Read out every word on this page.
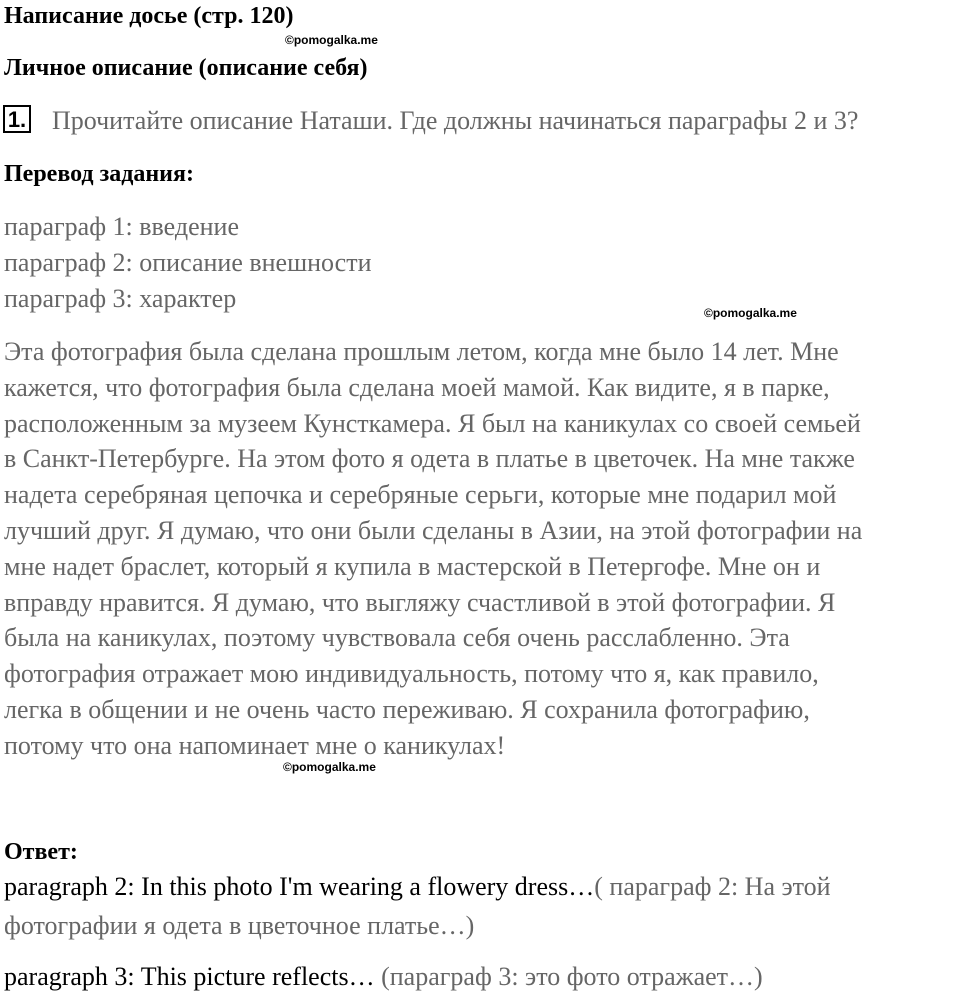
Написание досье (стр. 120)
©pomogalka.me
Личное описание (описание себя)
1. Прочитайте описание Наташи. Где должны начинаться параграфы 2 и 3?
Перевод задания:
параграф 1: введение
параграф 2: описание внешности
параграф 3: характер	©pomogalka.me
Эта фотография была сделана прошлым летом, когда мне было 14 лет. Мне
кажется, что фотография была сделана моей мамой. Как видите, я в парке,
расположенным за музеем Кунсткамера. Я был на каникулах со своей семьей
в Санкт-Петербурге. На этом фото я одета в платье в цветочек. На мне также
надета серебряная цепочка и серебряные серьги, которые мне подарил мой
лучший друг. Я думаю, что они были сделаны в Азии, на этой фотографии на
мне надет браслет, который я купила в мастерской в Петергофе. Мне он и
вправду нравится. Я думаю, что выгляжу счастливой в этой фотографии. Я
была на каникулах, поэтому чувствовала себя очень расслабленно. Эта
фотография отражает мою индивидуальность, потому что я, как правило,
легка в общении и не очень часто переживаю. Я сохранила фотографию,
потому что она напоминает мне о каникулах!
©pomogalka.me
Ответ:
paragraph 2: In this photo I'm wearing a flowery dress…( параграф 2: На этой
фотографии я одета в цветочное платье…)
paragraph 3: This picture reflects… (параграф 3: это фото отражает…)
